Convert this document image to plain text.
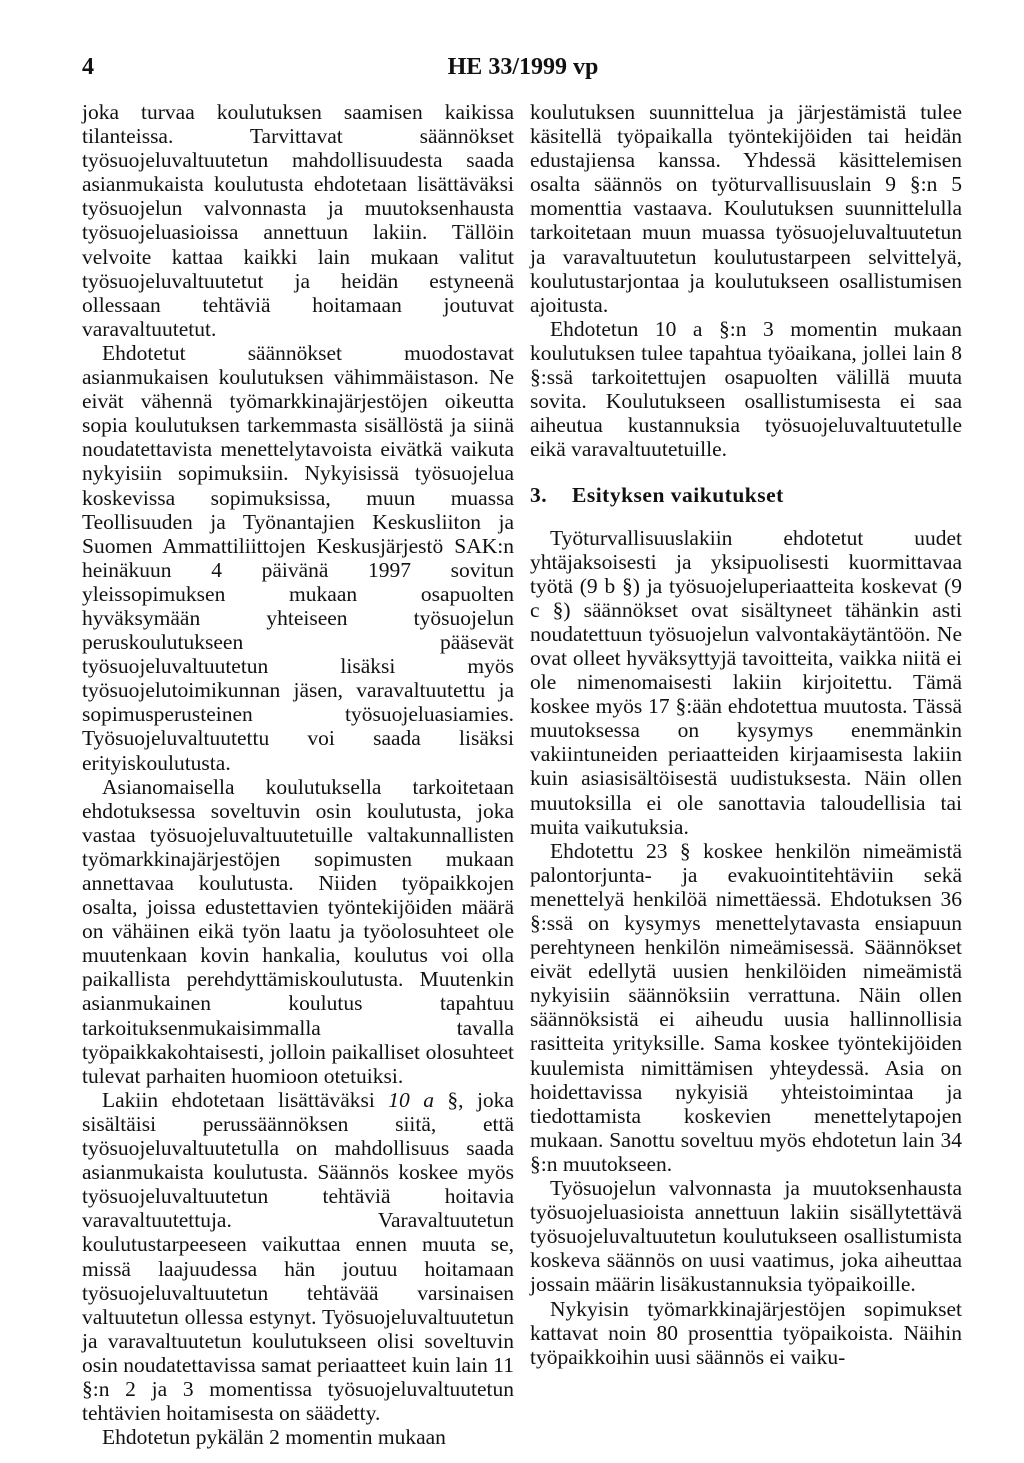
4	HE 33/1999 vp

joka turvaa koulutuksen saamisen kaikissa tilanteissa. Tarvittavat säännökset työsuojeluvaltuutetun mahdollisuudesta saada asianmukaista koulutusta ehdotetaan lisättäväksi työsuojelun valvonnasta ja muutoksenhausta työsuojeluasioissa annettuun lakiin. Tällöin velvoite kattaa kaikki lain mukaan valitut työsuojeluvaltuutetut ja heidän estyneenä ollessaan tehtäviä hoitamaan joutuvat varavaltuutetut.

Ehdotetut säännökset muodostavat asianmukaisen koulutuksen vähimmäistason. Ne eivät vähennä työmarkkinajärjestöjen oikeutta sopia koulutuksen tarkemmasta sisällöstä ja siinä noudatettavista menettelytavoista eivätkä vaikuta nykyisiin sopimuksiin. Nykyisissä työsuojelua koskevissa sopimuksissa, muun muassa Teollisuuden ja Työnantajien Keskusliiton ja Suomen Ammattiliittojen Keskusjärjestö SAK:n heinäkuun 4 päivänä 1997 sovitun yleissopimuksen mukaan osapuolten hyväksymään yhteiseen työsuojelun peruskoulutukseen pääsevät työsuojeluvaltuutetun lisäksi myös työsuojelutoimikunnan jäsen, varavaltuutettu ja sopimusperusteinen työsuojeluasiamies. Työsuojeluvaltuutettu voi saada lisäksi erityiskoulutusta.

Asianomaisella koulutuksella tarkoitetaan ehdotuksessa soveltuvin osin koulutusta, joka vastaa työsuojeluvaltuutetuille valtakunnallisten työmarkkinajärjestöjen sopimusten mukaan annettavaa koulutusta. Niiden työpaikkojen osalta, joissa edustettavien työntekijöiden määrä on vähäinen eikä työn laatu ja työolosuhteet ole muutenkaan kovin hankalia, koulutus voi olla paikallista perehdyttämiskoulutusta. Muutenkin asianmukainen koulutus tapahtuu tarkoituksenmukaisimmalla tavalla työpaikkakohtaisesti, jolloin paikalliset olosuhteet tulevat parhaiten huomioon otetuiksi.

Lakiin ehdotetaan lisättäväksi 10 a §, joka sisältäisi perussäännöksen siitä, että työsuojeluvaltuutetulla on mahdollisuus saada asianmukaista koulutusta. Säännös koskee myös työsuojeluvaltuutetun tehtäviä hoitavia varavaltuutettuja. Varavaltuutetun koulutustarpeeseen vaikuttaa ennen muuta se, missä laajuudessa hän joutuu hoitamaan työsuojeluvaltuutetun tehtävää varsinaisen valtuutetun ollessa estynyt. Työsuojeluvaltuutetun ja varavaltuutetun koulutukseen olisi soveltuvin osin noudatettavissa samat periaatteet kuin lain 11 §:n 2 ja 3 momentissa työsuojeluvaltuutetun tehtävien hoitamisesta on säädetty.

Ehdotetun pykälän 2 momentin mukaan

koulutuksen suunnittelua ja järjestämistä tulee käsitellä työpaikalla työntekijöiden tai heidän edustajiensa kanssa. Yhdessä käsittelemisen osalta säännös on työturvallisuuslain 9 §:n 5 momenttia vastaava. Koulutuksen suunnittelulla tarkoitetaan muun muassa työsuojeluvaltuutetun ja varavaltuutetun koulutustarpeen selvittelyä, koulutustarjontaa ja koulutukseen osallistumisen ajoitusta.

Ehdotetun 10 a §:n 3 momentin mukaan koulutuksen tulee tapahtua työaikana, jollei lain 8 §:ssä tarkoitettujen osapuolten välillä muuta sovita. Koulutukseen osallistumisesta ei saa aiheutua kustannuksia työsuojeluvaltuutetulle eikä varavaltuutetuille.

3. Esityksen vaikutukset

Työturvallisuuslakiin ehdotetut uudet yhtäjaksoisesti ja yksipuolisesti kuormittavaa työtä (9 b §) ja työsuojeluperiaatteita koskevat (9 c §) säännökset ovat sisältyneet tähänkin asti noudatettuun työsuojelun valvontakäytäntöön. Ne ovat olleet hyväksyttyjä tavoitteita, vaikka niitä ei ole nimenomaisesti lakiin kirjoitettu. Tämä koskee myös 17 §:ään ehdotettua muutosta. Tässä muutoksessa on kysymys enemmänkin vakiintuneiden periaatteiden kirjaamisesta lakiin kuin asiasisältöisestä uudistuksesta. Näin ollen muutoksilla ei ole sanottavia taloudellisia tai muita vaikutuksia.

Ehdotettu 23 § koskee henkilön nimeämistä palontorjunta- ja evakuointitehtäviin sekä menettelyä henkilöä nimettäessä. Ehdotuksen 36 §:ssä on kysymys menettelytavasta ensiapuun perehtyneen henkilön nimeämisessä. Säännökset eivät edellytä uusien henkilöiden nimeämistä nykyisiin säännöksiin verrattuna. Näin ollen säännöksistä ei aiheudu uusia hallinnollisia rasitteita yrityksille. Sama koskee työntekijöiden kuulemista nimittämisen yhteydessä. Asia on hoidettavissa nykyisiä yhteistoimintaa ja tiedottamista koskevien menettelytapojen mukaan. Sanottu soveltuu myös ehdotetun lain 34 §:n muutokseen.

Työsuojelun valvonnasta ja muutoksenhausta työsuojeluasioista annettuun lakiin sisällytettävä työsuojeluvaltuutetun koulutukseen osallistumista koskeva säännös on uusi vaatimus, joka aiheuttaa jossain määrin lisäkustannuksia työpaikoille.

Nykyisin työmarkkinajärjestöjen sopimukset kattavat noin 80 prosenttia työpaikoista. Näihin työpaikkoihin uusi säännös ei vaiku-
